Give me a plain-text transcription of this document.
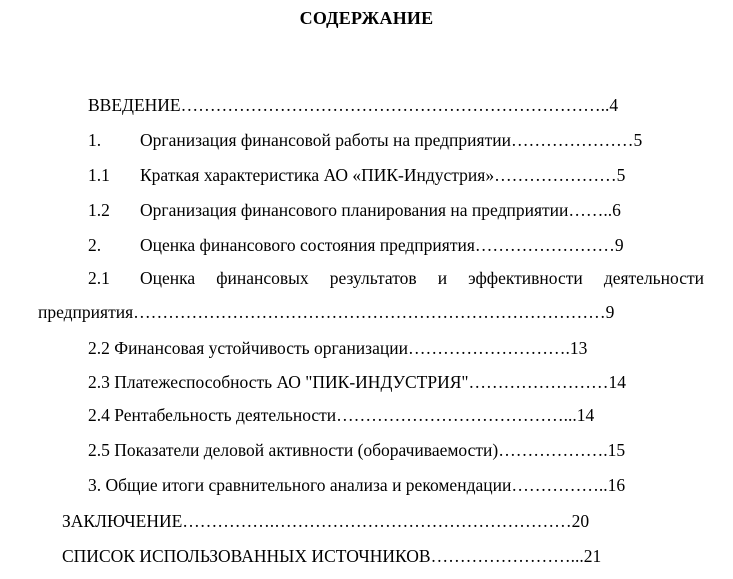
СОДЕРЖАНИЕ
ВВЕДЕНИЕ………………………………………………………………..4
1. Организация финансовой работы на предприятии…………………5
1.1 Краткая характеристика АО «ПИК-Индустрия»…………………5
1.2 Организация финансового планирования на предприятии……..6
2. Оценка финансового состояния предприятия……………………9
2.1 Оценка финансовых результатов и эффективности деятельности
предприятия………………………………………………………………………9
2.2 Финансовая устойчивость организации……………………….13
2.3 Платежеспособность АО "ПИК-ИНДУСТРИЯ"……………………14
2.4 Рентабельность деятельности…………………………………...14
2.5 Показатели деловой активности (оборачиваемости)……………….15
3. Общие итоги сравнительного анализа и рекомендации……………..16
ЗАКЛЮЧЕНИЕ…………….……………………………………………20
СПИСОК ИСПОЛЬЗОВАННЫХ ИСТОЧНИКОВ……………………...21
